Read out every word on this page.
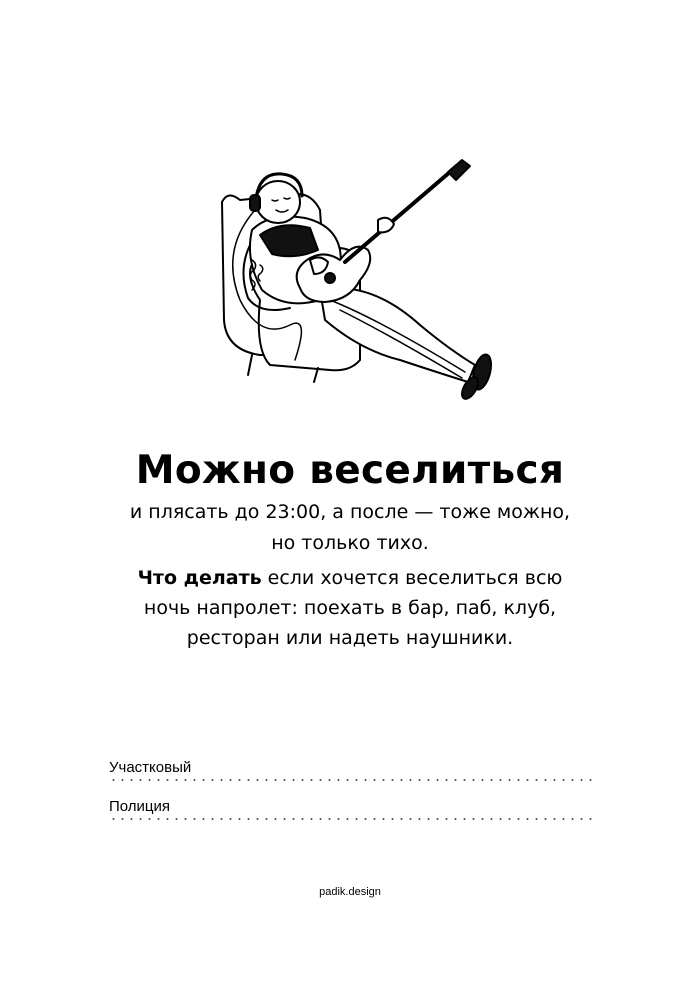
Можно веселиться

и плясать до 23:00, а после — тоже можно,
но только тихо.

Что делать если хочется веселиться всю
ночь напролет: поехать в бар, паб, клуб,
ресторан или надеть наушники.

Участковый
Полиция
padik.design
